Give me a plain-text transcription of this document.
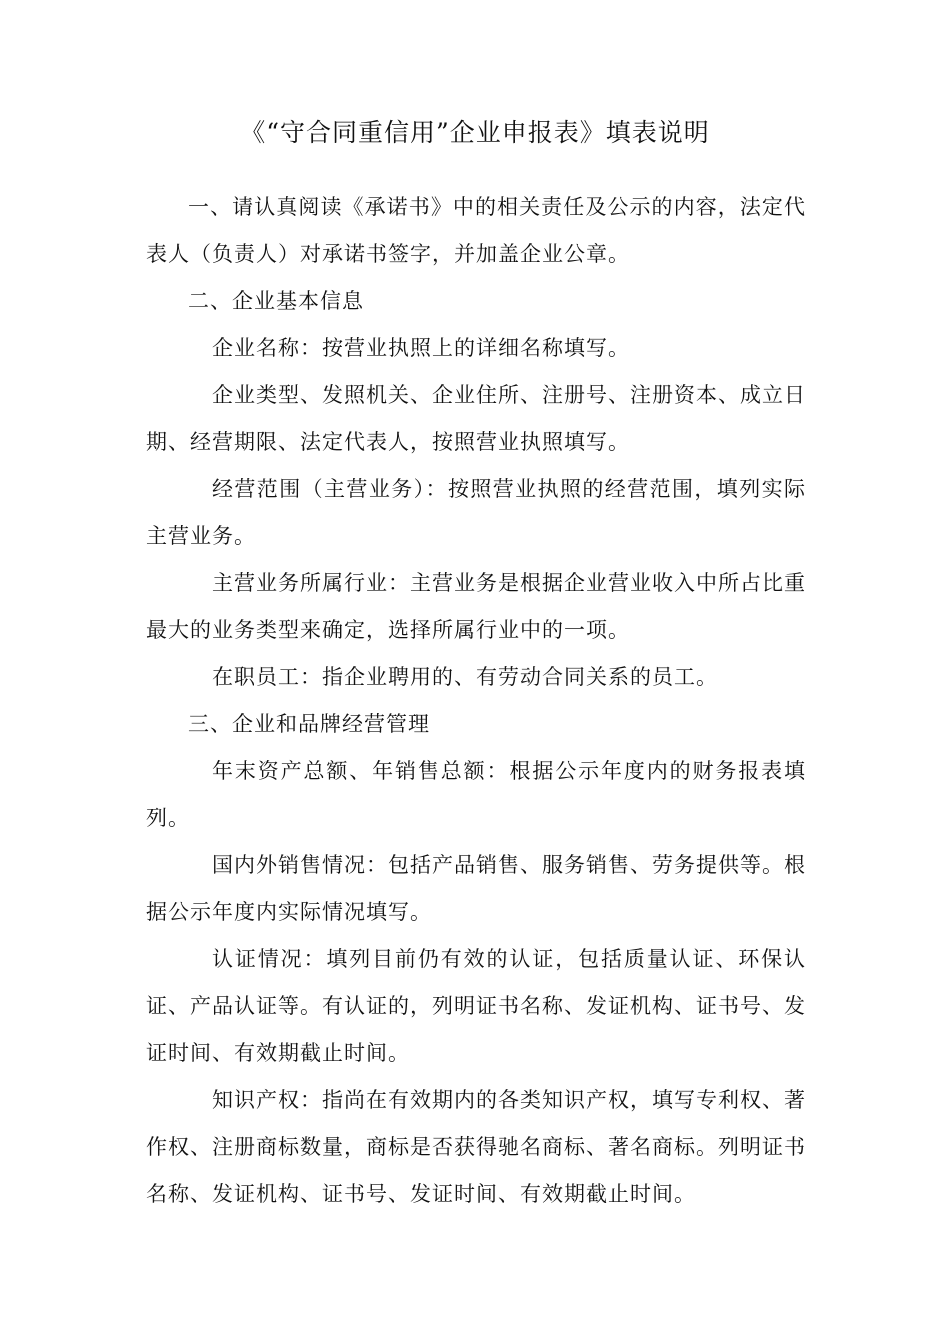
《“守合同重信用”企业申报表》填表说明

一、请认真阅读《承诺书》中的相关责任及公示的内容，法定代表人（负责人）对承诺书签字，并加盖企业公章。

二、企业基本信息

企业名称：按营业执照上的详细名称填写。

企业类型、发照机关、企业住所、注册号、注册资本、成立日期、经营期限、法定代表人，按照营业执照填写。

经营范围（主营业务）：按照营业执照的经营范围，填列实际主营业务。

主营业务所属行业：主营业务是根据企业营业收入中所占比重最大的业务类型来确定，选择所属行业中的一项。

在职员工：指企业聘用的、有劳动合同关系的员工。

三、企业和品牌经营管理

年末资产总额、年销售总额：根据公示年度内的财务报表填列。

国内外销售情况：包括产品销售、服务销售、劳务提供等。根据公示年度内实际情况填写。

认证情况：填列目前仍有效的认证，包括质量认证、环保认证、产品认证等。有认证的，列明证书名称、发证机构、证书号、发证时间、有效期截止时间。

知识产权：指尚在有效期内的各类知识产权，填写专利权、著作权、注册商标数量，商标是否获得驰名商标、著名商标。列明证书名称、发证机构、证书号、发证时间、有效期截止时间。
